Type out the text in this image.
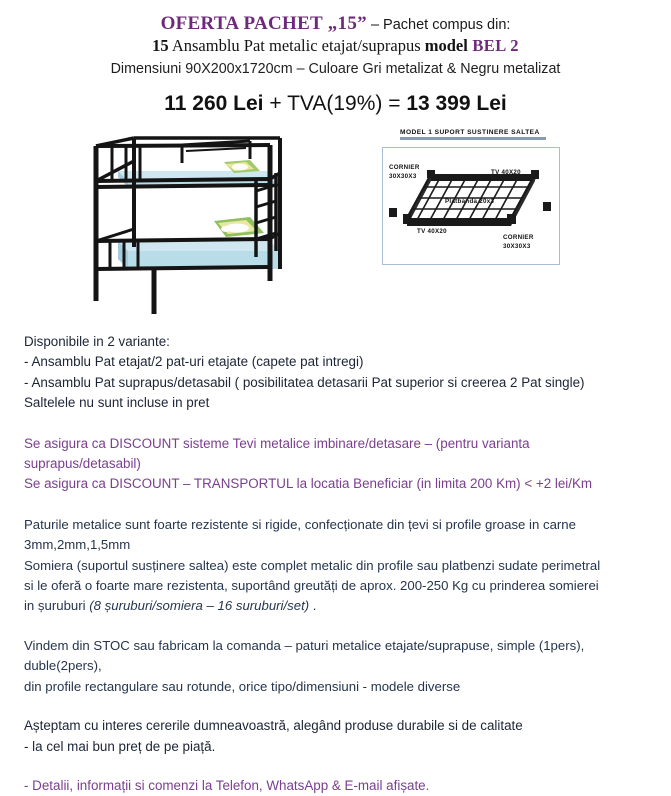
OFERTA PACHET „15” – Pachet compus din:
15 Ansamblu Pat metalic etajat/suprapus model BEL 2
Dimensiuni 90X200x1720cm – Culoare Gri metalizat & Negru metalizat
11 260 Lei + TVA(19%) = 13 399 Lei
MODEL 1 SUPORT SUSTINERE SALTEA
CORNIER
30X30X3
TV 40X20
Platbanda 20x3
TV 40X20
CORNIER
30X30X3

Disponibile in 2 variante:

- Ansamblu Pat etajat/2 pat-uri etajate (capete pat intregi)

- Ansamblu Pat suprapus/detasabil ( posibilitatea detasarii Pat superior si creerea 2 Pat single)

Saltelele nu sunt incluse in pret

Se asigura ca DISCOUNT sisteme Tevi metalice imbinare/detasare – (pentru varianta

suprapus/detasabil)

Se asigura ca DISCOUNT – TRANSPORTUL la locatia Beneficiar (in limita 200 Km) < +2 lei/Km

Paturile metalice sunt foarte rezistente si rigide, confecționate din țevi si profile groase in carne 3mm,2mm,1,5mm

Somiera (suportul susținere saltea) este complet metalic din profile sau platbenzi sudate perimetral

si le oferă o foarte mare rezistenta, suportând greutăți de aprox. 200-250 Kg cu prinderea somierei

in șuruburi (8 șuruburi/somiera – 16 suruburi/set) .

Vindem din STOC sau fabricam la comanda – paturi metalice etajate/suprapuse, simple (1pers), duble(2pers),

din profile rectangulare sau rotunde, orice tipo/dimensiuni - modele diverse

Așteptam cu interes cererile dumneavoastră, alegând produse durabile si de calitate

- la cel mai bun preț de pe piață.

- Detalii, informații si comenzi la Telefon, WhatsApp & E-mail afișate.
